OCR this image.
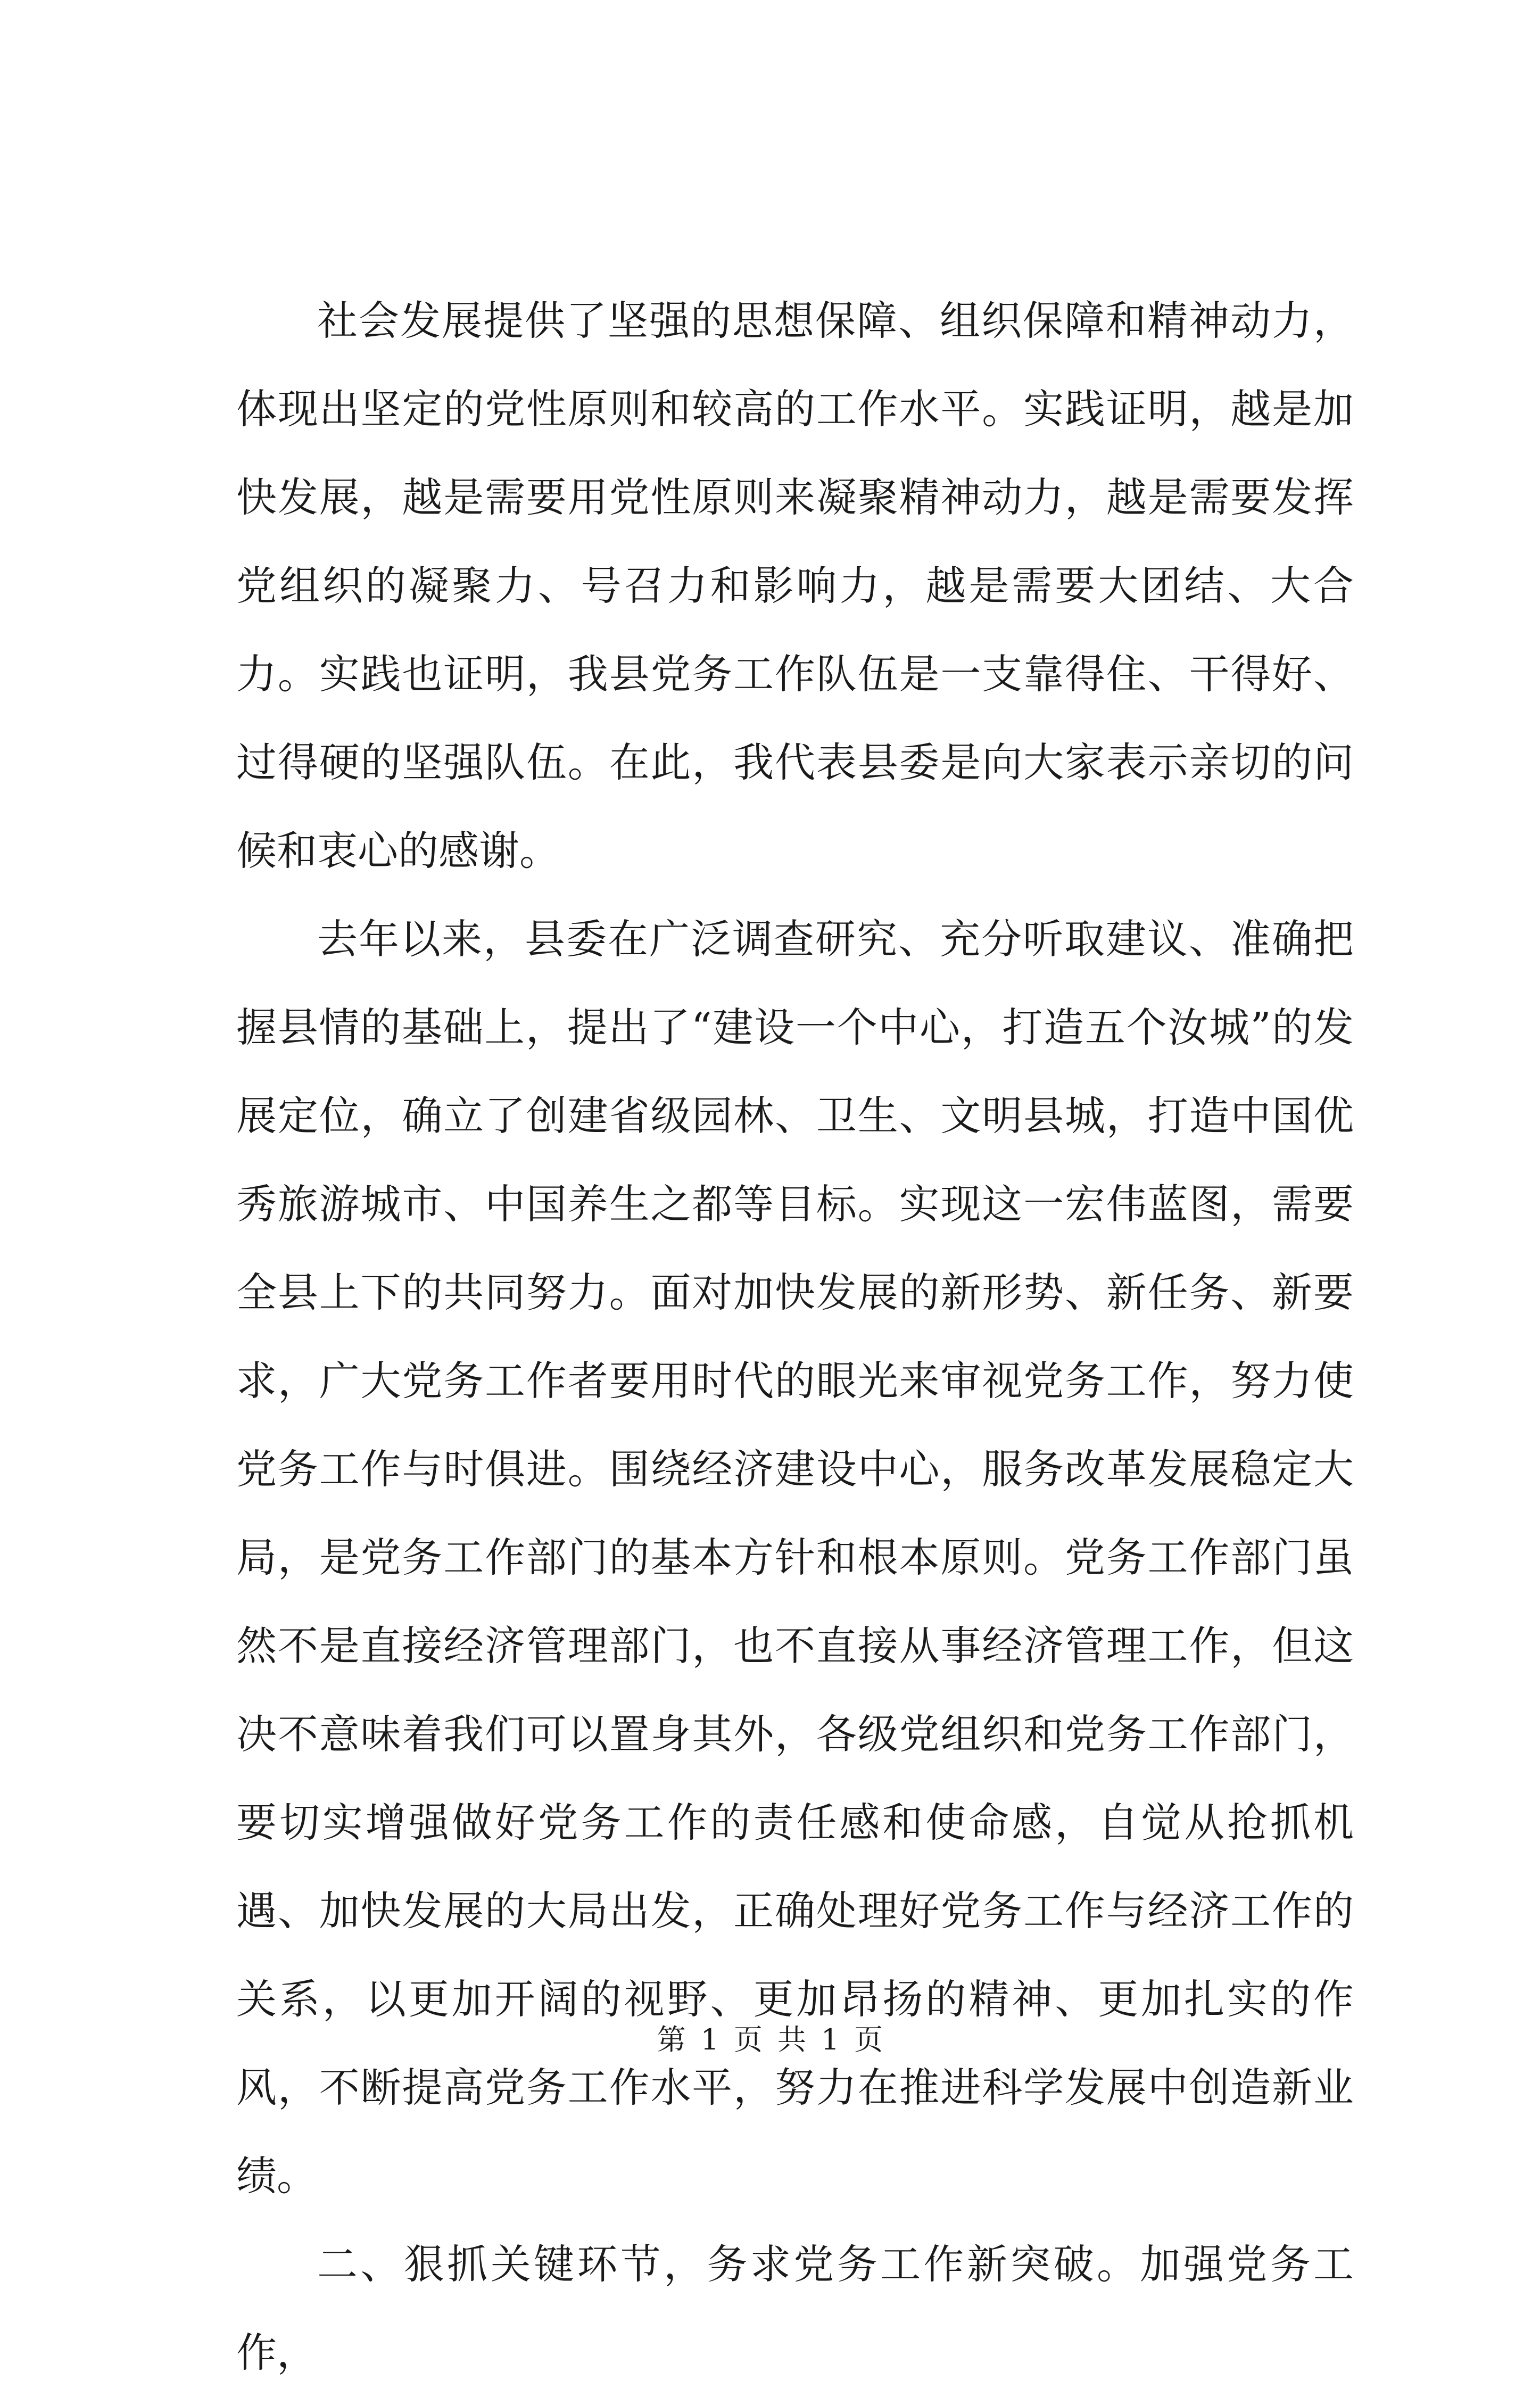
社会发展提供了坚强的思想保障、组织保障和精神动力，体现出坚定的党性原则和较高的工作水平。实践证明，越是加快发展，越是需要用党性原则来凝聚精神动力，越是需要发挥党组织的凝聚力、号召力和影响力，越是需要大团结、大合力。实践也证明，我县党务工作队伍是一支靠得住、干得好、过得硬的坚强队伍。在此，我代表县委是向大家表示亲切的问候和衷心的感谢。

去年以来，县委在广泛调查研究、充分听取建议、准确把握县情的基础上，提出了“建设一个中心，打造五个汝城”的发展定位，确立了创建省级园林、卫生、文明县城，打造中国优秀旅游城市、中国养生之都等目标。实现这一宏伟蓝图，需要全县上下的共同努力。面对加快发展的新形势、新任务、新要求，广大党务工作者要用时代的眼光来审视党务工作，努力使党务工作与时俱进。围绕经济建设中心，服务改革发展稳定大局，是党务工作部门的基本方针和根本原则。党务工作部门虽然不是直接经济管理部门，也不直接从事经济管理工作，但这决不意味着我们可以置身其外，各级党组织和党务工作部门，要切实增强做好党务工作的责任感和使命感，自觉从抢抓机遇、加快发展的大局出发，正确处理好党务工作与经济工作的关系，以更加开阔的视野、更加昂扬的精神、更加扎实的作风，不断提高党务工作水平，努力在推进科学发展中创造新业绩。

二、狠抓关键环节，务求党务工作新突破。加强党务工作，

第 1 页 共 1 页
